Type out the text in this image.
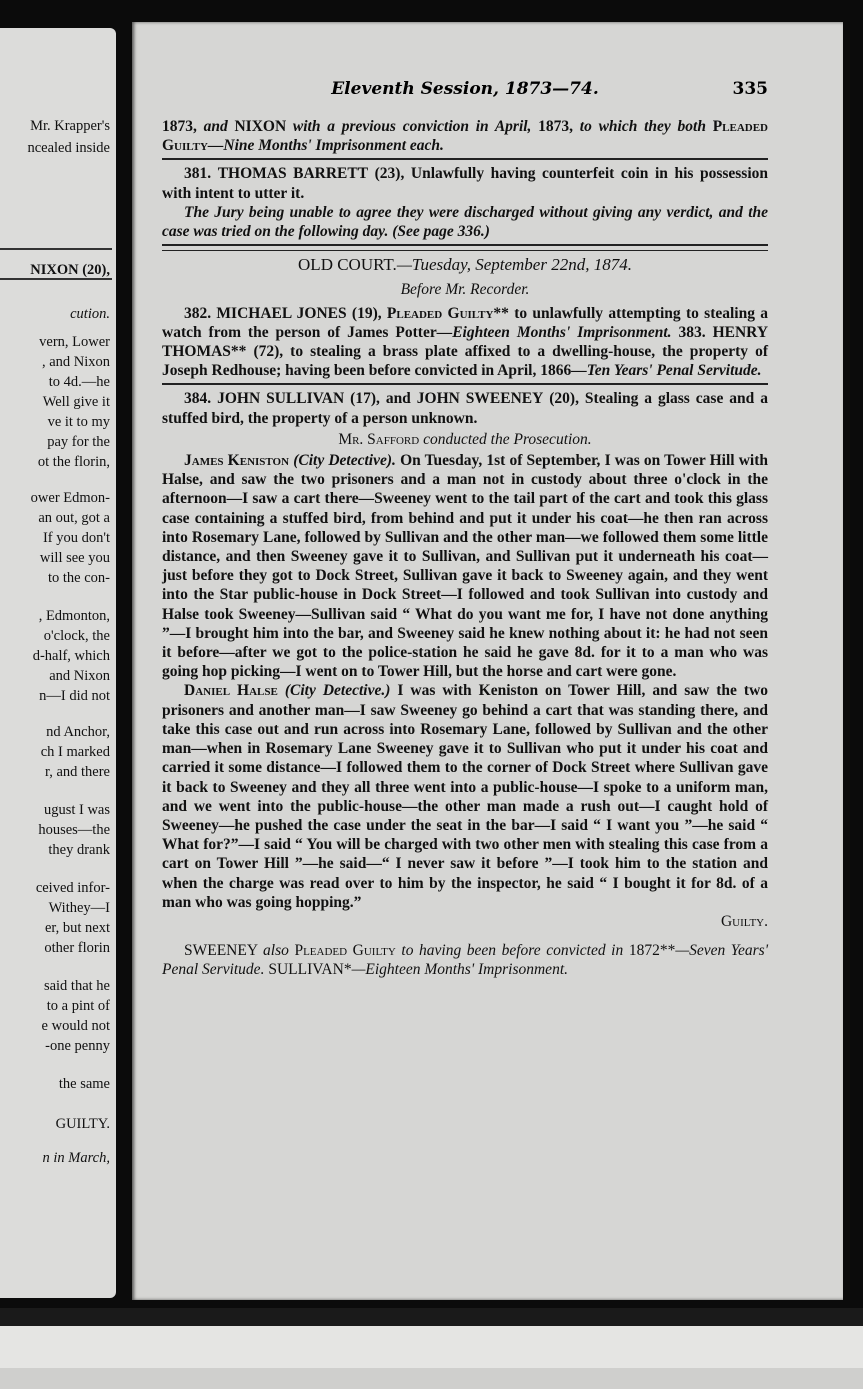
Mr. Krapper's
ncealed inside
NIXON (20),
cution.
vern, Lower
, and Nixon
to 4d.—he
Well give it
ve it to my
pay for the
ot the florin,
ower Edmon-
an out, got a
If you don't
will see you
to the con-
, Edmonton,
o'clock, the
d-half, which
and Nixon
n—I did not
nd Anchor,
ch I marked
r, and there
ugust I was
houses—the
they drank
ceived infor-
Withey—I
er, but next
other florin
said that he
to a pint of
e would not
-one penny
the same
GUILTY.
n in March,
Eleventh Session, 1873—74.	335

1873, and NIXON with a previous conviction in April, 1873, to which they both Pleaded Guilty—Nine Months' Imprisonment each.

381. THOMAS BARRETT (23), Unlawfully having counterfeit coin in his possession with intent to utter it.

The Jury being unable to agree they were discharged without giving any verdict, and the case was tried on the following day. (See page 336.)

OLD COURT.—Tuesday, September 22nd, 1874.

Before Mr. Recorder.

382. MICHAEL JONES (19), Pleaded Guilty** to unlawfully attempting to stealing a watch from the person of James Potter—Eighteen Months' Imprisonment. 383. HENRY THOMAS** (72), to stealing a brass plate affixed to a dwelling-house, the property of Joseph Redhouse; having been before convicted in April, 1866—Ten Years' Penal Servitude.

384. JOHN SULLIVAN (17), and JOHN SWEENEY (20), Stealing a glass case and a stuffed bird, the property of a person unknown.

Mr. Safford conducted the Prosecution.

James Keniston (City Detective). On Tuesday, 1st of September, I was on Tower Hill with Halse, and saw the two prisoners and a man not in custody about three o'clock in the afternoon—I saw a cart there—Sweeney went to the tail part of the cart and took this glass case containing a stuffed bird, from behind and put it under his coat—he then ran across into Rosemary Lane, followed by Sullivan and the other man—we followed them some little distance, and then Sweeney gave it to Sullivan, and Sullivan put it underneath his coat—just before they got to Dock Street, Sullivan gave it back to Sweeney again, and they went into the Star public-house in Dock Street—I followed and took Sullivan into custody and Halse took Sweeney—Sullivan said “ What do you want me for, I have not done anything ”—I brought him into the bar, and Sweeney said he knew nothing about it: he had not seen it before—after we got to the police-station he said he gave 8d. for it to a man who was going hop picking—I went on to Tower Hill, but the horse and cart were gone.

Daniel Halse (City Detective.) I was with Keniston on Tower Hill, and saw the two prisoners and another man—I saw Sweeney go behind a cart that was standing there, and take this case out and run across into Rosemary Lane, followed by Sullivan and the other man—when in Rosemary Lane Sweeney gave it to Sullivan who put it under his coat and carried it some distance—I followed them to the corner of Dock Street where Sullivan gave it back to Sweeney and they all three went into a public-house—I spoke to a uniform man, and we went into the public-house—the other man made a rush out—I caught hold of Sweeney—he pushed the case under the seat in the bar—I said “ I want you ”—he said “ What for?”—I said “ You will be charged with two other men with stealing this case from a cart on Tower Hill ”—he said—“ I never saw it before ”—I took him to the station and when the charge was read over to him by the inspector, he said “ I bought it for 8d. of a man who was going hopping.”

Guilty.

SWEENEY also Pleaded Guilty to having been before convicted in 1872**—Seven Years' Penal Servitude. SULLIVAN*—Eighteen Months' Imprisonment.
